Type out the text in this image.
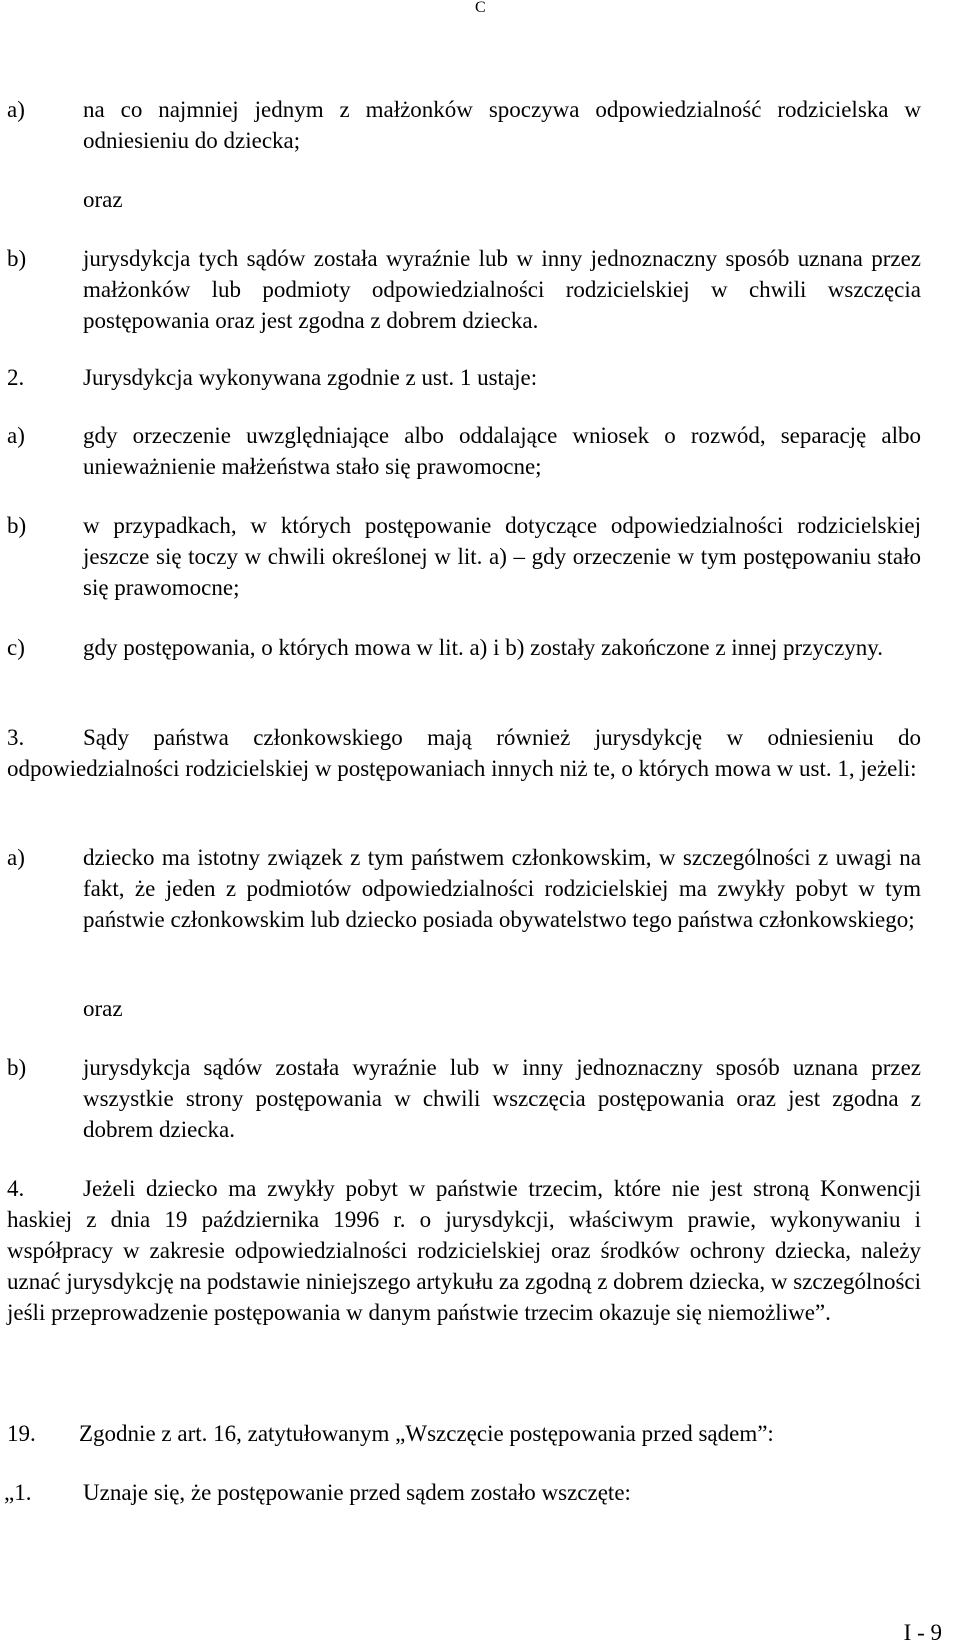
C
a)	na co najmniej jednym z małżonków spoczywa odpowiedzialność rodzicielska w odniesieniu do dziecka;
oraz
b) jurysdykcja tych sądów została wyraźnie lub w inny jednoznaczny sposób uznana przez małżonków lub podmioty odpowiedzialności rodzicielskiej w chwili wszczęcia postępowania oraz jest zgodna z dobrem dziecka.
2.	Jurysdykcja wykonywana zgodnie z ust. 1 ustaje:
a)	gdy orzeczenie uwzględniające albo oddalające wniosek o rozwód, separację albo unieważnienie małżeństwa stało się prawomocne;
b) w przypadkach, w których postępowanie dotyczące odpowiedzialności rodzicielskiej jeszcze się toczy w chwili określonej w lit. a) – gdy orzeczenie w tym postępowaniu stało się prawomocne;
c)	gdy postępowania, o których mowa w lit. a) i b) zostały zakończone z innej przyczyny.
3.	Sądy państwa członkowskiego mają również jurysdykcję w odniesieniu do odpowiedzialności rodzicielskiej w postępowaniach innych niż te, o których mowa w ust. 1, jeżeli:
a)	dziecko ma istotny związek z tym państwem członkowskim, w szczególności z uwagi na fakt, że jeden z podmiotów odpowiedzialności rodzicielskiej ma zwykły pobyt w tym państwie członkowskim lub dziecko posiada obywatelstwo tego państwa członkowskiego;
oraz
b) jurysdykcja sądów została wyraźnie lub w inny jednoznaczny sposób uznana przez wszystkie strony postępowania w chwili wszczęcia postępowania oraz jest zgodna z dobrem dziecka.
4.	Jeżeli dziecko ma zwykły pobyt w państwie trzecim, które nie jest stroną Konwencji haskiej z dnia 19 października 1996 r. o jurysdykcji, właściwym prawie, wykonywaniu i współpracy w zakresie odpowiedzialności rodzicielskiej oraz środków ochrony dziecka, należy uznać jurysdykcję na podstawie niniejszego artykułu za zgodną z dobrem dziecka, w szczególności jeśli przeprowadzenie postępowania w danym państwie trzecim okazuje się niemożliwe”.
19. Zgodnie z art. 16, zatytułowanym „Wszczęcie postępowania przed sądem”:
„1. Uznaje się, że postępowanie przed sądem zostało wszczęte:
I - 9
